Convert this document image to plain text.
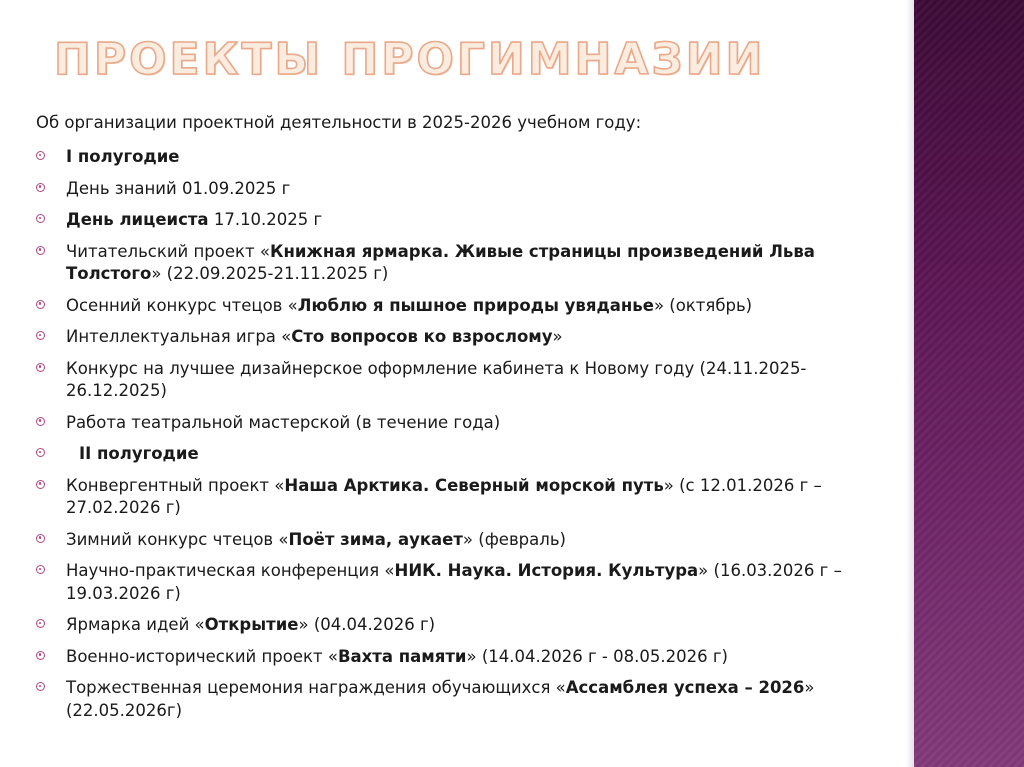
ПРОЕКТЫ ПРОГИМНАЗИИ
Об организации проектной деятельности в 2025-2026 учебном году:
I полугодие
День знаний 01.09.2025 г
День лицеиста 17.10.2025 г
Читательский проект «Книжная ярмарка. Живые страницы произведений Льва Толстого» (22.09.2025-21.11.2025 г)
Осенний конкурс чтецов «Люблю я пышное природы увяданье» (октябрь)
Интеллектуальная игра «Сто вопросов ко взрослому»
Конкурс на лучшее дизайнерское оформление кабинета к Новому году (24.11.2025-26.12.2025)
Работа театральной мастерской (в течение года)
II полугодие
Конвергентный проект «Наша Арктика. Северный морской путь» (с 12.01.2026 г – 27.02.2026 г)
Зимний конкурс чтецов «Поёт зима, аукает» (февраль)
Научно-практическая конференция «НИК. Наука. История. Культура» (16.03.2026 г – 19.03.2026 г)
Ярмарка идей «Открытие» (04.04.2026 г)
Военно-исторический проект «Вахта памяти» (14.04.2026 г - 08.05.2026 г)
Торжественная церемония награждения обучающихся «Ассамблея успеха – 2026» (22.05.2026г)
